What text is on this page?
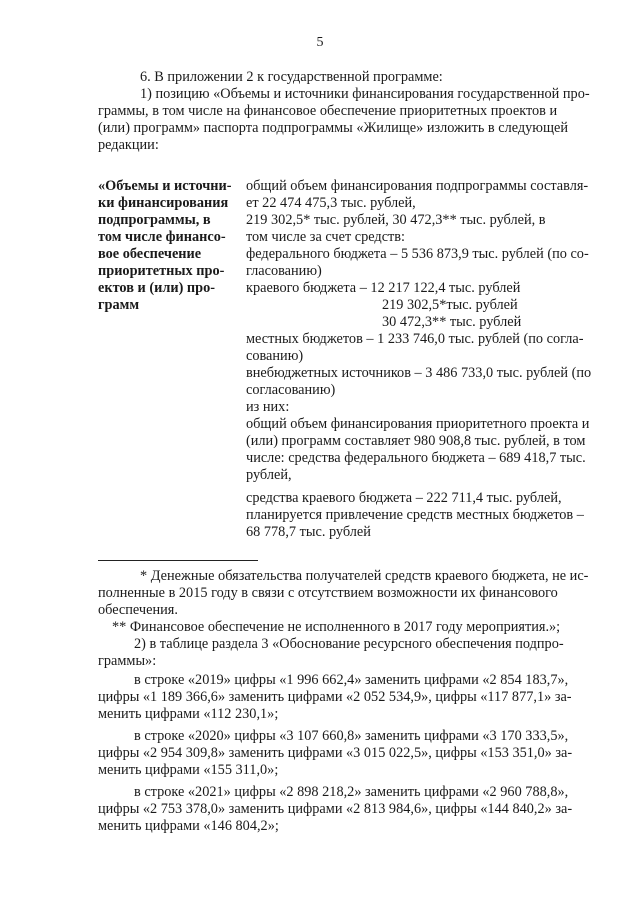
5
6. В приложении 2 к государственной программе:
1) позицию «Объемы и источники финансирования государственной про-
граммы, в том числе на финансовое обеспечение приоритетных проектов и
(или) программ» паспорта подпрограммы «Жилище» изложить в следующей
редакции:
«Объемы и источни-
ки финансирования
подпрограммы, в
том числе финансо-
вое обеспечение
приоритетных про-
ектов и (или) про-
грамм
общий объем финансирования подпрограммы составля-
ет 22 474 475,3 тыс. рублей,
219 302,5* тыс. рублей, 30 472,3** тыс. рублей, в
том числе за счет средств:
федерального бюджета – 5 536 873,9 тыс. рублей (по со-
гласованию)
краевого бюджета – 12 217 122,4 тыс. рублей
219 302,5*тыс. рублей
30 472,3** тыс. рублей
местных бюджетов – 1 233 746,0 тыс. рублей (по согла-
сованию)
внебюджетных источников – 3 486 733,0 тыс. рублей (по
согласованию)
из них:
общий объем финансирования приоритетного проекта и
(или) программ составляет 980 908,8 тыс. рублей, в том
числе: средства федерального бюджета – 689 418,7 тыс.
рублей,
средства краевого бюджета – 222 711,4 тыс. рублей,
планируется привлечение средств местных бюджетов –
68 778,7 тыс. рублей
* Денежные обязательства получателей средств краевого бюджета, не ис-
полненные в 2015 году в связи с отсутствием возможности их финансового
обеспечения.
** Финансовое обеспечение не исполненного в 2017 году мероприятия.»;
2) в таблице раздела 3 «Обоснование ресурсного обеспечения подпро-
граммы»:
в строке «2019» цифры «1 996 662,4» заменить цифрами «2 854 183,7»,
цифры «1 189 366,6» заменить цифрами «2 052 534,9», цифры «117 877,1» за-
менить цифрами «112 230,1»;
в строке «2020» цифры «3 107 660,8» заменить цифрами «3 170 333,5»,
цифры «2 954 309,8» заменить цифрами «3 015 022,5», цифры «153 351,0» за-
менить цифрами «155 311,0»;
в строке «2021» цифры «2 898 218,2» заменить цифрами «2 960 788,8»,
цифры «2 753 378,0» заменить цифрами «2 813 984,6», цифры «144 840,2» за-
менить цифрами «146 804,2»;
